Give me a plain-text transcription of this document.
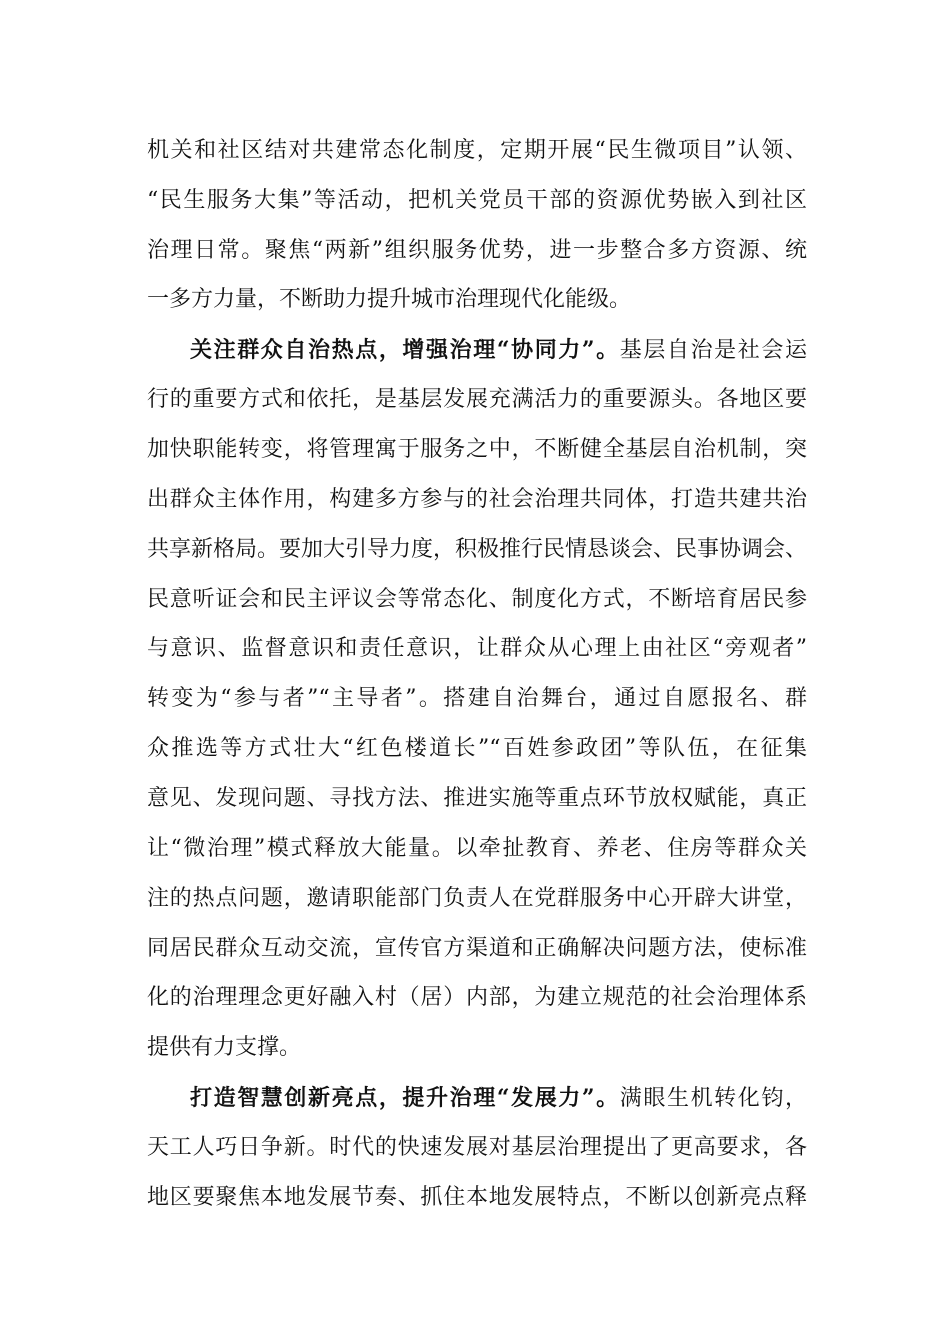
机关和社区结对共建常态化制度，定期开展“民生微项目”认领、
“民生服务大集”等活动，把机关党员干部的资源优势嵌入到社区
治理日常。聚焦“两新”组织服务优势，进一步整合多方资源、统
一多方力量，不断助力提升城市治理现代化能级。
关注群众自治热点，增强治理“协同力”。基层自治是社会运
行的重要方式和依托，是基层发展充满活力的重要源头。各地区要
加快职能转变，将管理寓于服务之中，不断健全基层自治机制，突
出群众主体作用，构建多方参与的社会治理共同体，打造共建共治
共享新格局。要加大引导力度，积极推行民情恳谈会、民事协调会、
民意听证会和民主评议会等常态化、制度化方式，不断培育居民参
与意识、监督意识和责任意识，让群众从心理上由社区“旁观者”
转变为“参与者”“主导者”。搭建自治舞台，通过自愿报名、群
众推选等方式壮大“红色楼道长”“百姓参政团”等队伍，在征集
意见、发现问题、寻找方法、推进实施等重点环节放权赋能，真正
让“微治理”模式释放大能量。以牵扯教育、养老、住房等群众关
注的热点问题，邀请职能部门负责人在党群服务中心开辟大讲堂，
同居民群众互动交流，宣传官方渠道和正确解决问题方法，使标准
化的治理理念更好融入村（居）内部，为建立规范的社会治理体系
提供有力支撑。
打造智慧创新亮点，提升治理“发展力”。满眼生机转化钧，
天工人巧日争新。时代的快速发展对基层治理提出了更高要求，各
地区要聚焦本地发展节奏、抓住本地发展特点，不断以创新亮点释
